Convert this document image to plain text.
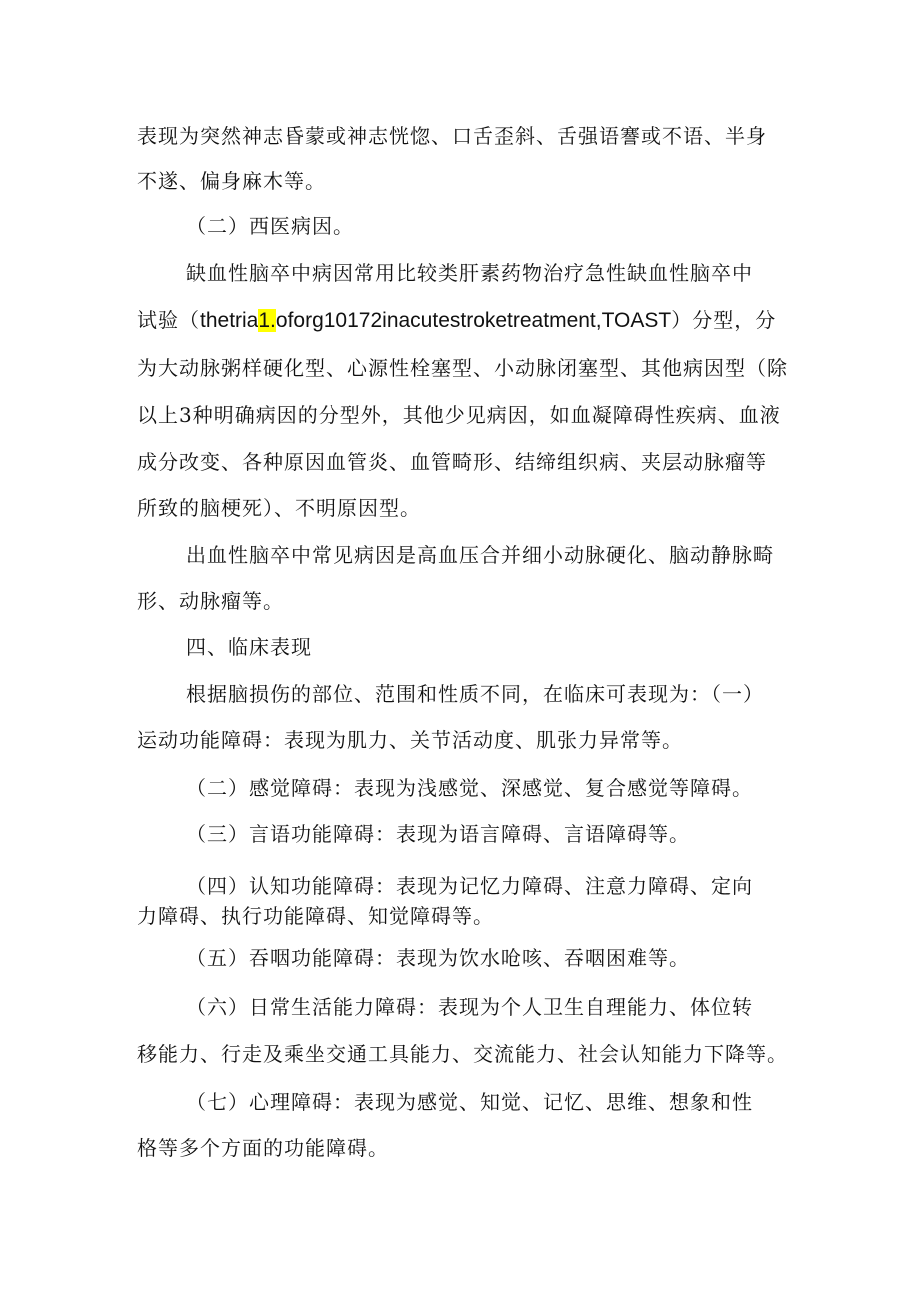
表现为突然神志昏蒙或神志恍惚、口舌歪斜、舌强语謇或不语、半身
不遂、偏身麻木等。
（二）西医病因。
缺血性脑卒中病因常用比较类肝素药物治疗急性缺血性脑卒中
试验（thetria1.oforg10172inacutestroketreatment,TOAST）分型，分
为大动脉粥样硬化型、心源性栓塞型、小动脉闭塞型、其他病因型（除
以上3种明确病因的分型外，其他少见病因，如血凝障碍性疾病、血液
成分改变、各种原因血管炎、血管畸形、结缔组织病、夹层动脉瘤等
所致的脑梗死）、不明原因型。
出血性脑卒中常见病因是高血压合并细小动脉硬化、脑动静脉畸
形、动脉瘤等。
四、临床表现
根据脑损伤的部位、范围和性质不同，在临床可表现为：（一）
运动功能障碍：表现为肌力、关节活动度、肌张力异常等。
（二）感觉障碍：表现为浅感觉、深感觉、复合感觉等障碍。
（三）言语功能障碍：表现为语言障碍、言语障碍等。
（四）认知功能障碍：表现为记忆力障碍、注意力障碍、定向
力障碍、执行功能障碍、知觉障碍等。
（五）吞咽功能障碍：表现为饮水呛咳、吞咽困难等。
（六）日常生活能力障碍：表现为个人卫生自理能力、体位转
移能力、行走及乘坐交通工具能力、交流能力、社会认知能力下降等。
（七）心理障碍：表现为感觉、知觉、记忆、思维、想象和性
格等多个方面的功能障碍。
